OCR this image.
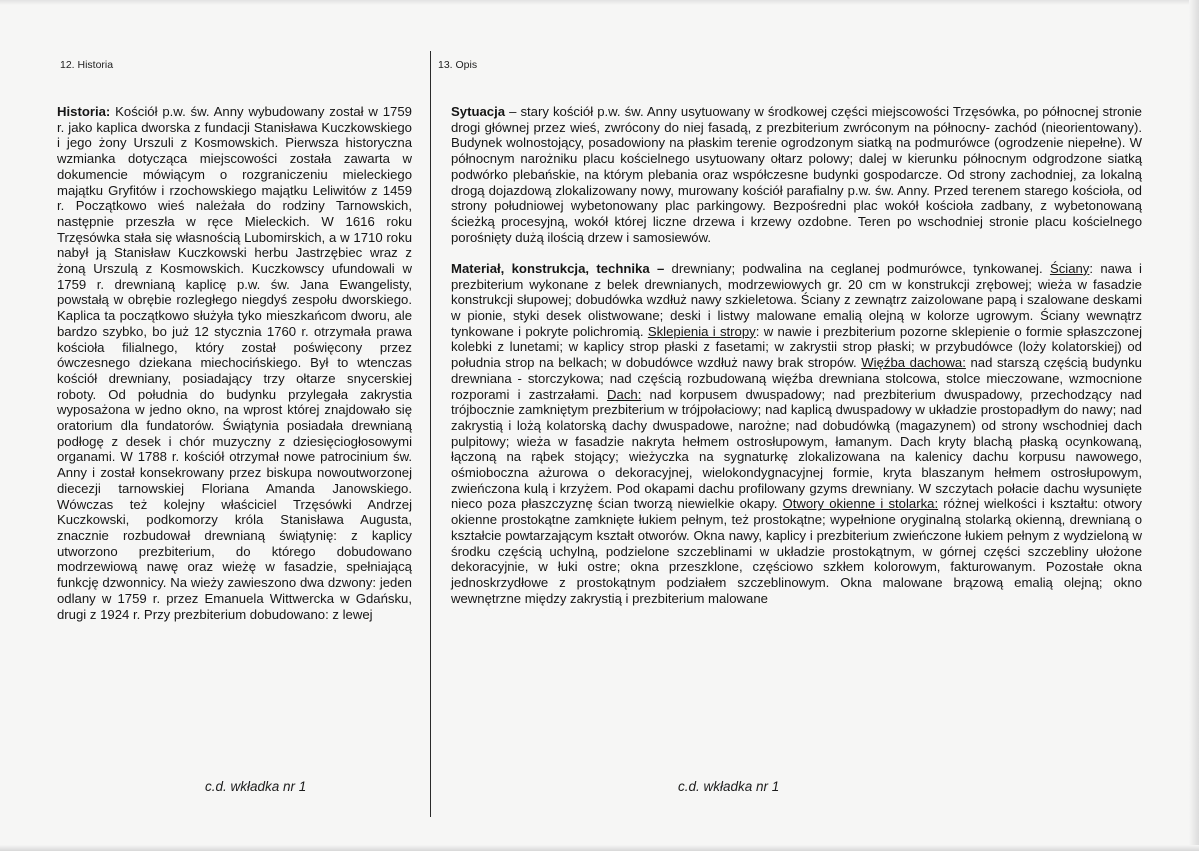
12. Historia	13. Opis

Historia: Kościół p.w. św. Anny wybudowany został w 1759 r. jako kaplica dworska z fundacji Stanisława Kuczkowskiego i jego żony Urszuli z Kosmowskich. Pierwsza historyczna wzmianka dotycząca miejscowości została zawarta w dokumencie mówiącym o rozgraniczeniu mieleckiego majątku Gryfitów i rzochowskiego majątku Leliwitów z 1459 r. Początkowo wieś należała do rodziny Tarnowskich, następnie przeszła w ręce Mieleckich. W 1616 roku Trzęsówka stała się własnością Lubomirskich, a w 1710 roku nabył ją Stanisław Kuczkowski herbu Jastrzębiec wraz z żoną Urszulą z Kosmowskich. Kuczkowscy ufundowali w 1759 r. drewnianą kaplicę p.w. św. Jana Ewangelisty, powstałą w obrębie rozległego niegdyś zespołu dworskiego. Kaplica ta początkowo służyła tyko mieszkańcom dworu, ale bardzo szybko, bo już 12 stycznia 1760 r. otrzymała prawa kościoła filialnego, który został poświęcony przez ówczesnego dziekana miechocińskiego. Był to wtenczas kościół drewniany, posiadający trzy ołtarze snycerskiej roboty. Od południa do budynku przylegała zakrystia wyposażona w jedno okno, na wprost której znajdowało się oratorium dla fundatorów. Świątynia posiadała drewnianą podłogę z desek i chór muzyczny z dziesięciogłosowymi organami. W 1788 r. kościół otrzymał nowe patrocinium św. Anny i został konsekrowany przez biskupa nowoutworzonej diecezji tarnowskiej Floriana Amanda Janowskiego. Wówczas też kolejny właściciel Trzęsówki Andrzej Kuczkowski, podkomorzy króla Stanisława Augusta, znacznie rozbudował drewnianą świątynię: z kaplicy utworzono prezbiterium, do którego dobudowano modrzewiową nawę oraz wieżę w fasadzie, spełniającą funkcję dzwonnicy. Na wieży zawieszono dwa dzwony: jeden odlany w 1759 r. przez Emanuela Wittwercka w Gdańsku, drugi z 1924 r. Przy prezbiterium dobudowano: z lewej

Sytuacja – stary kościół p.w. św. Anny usytuowany w środkowej części miejscowości Trzęsówka, po północnej stronie drogi głównej przez wieś, zwrócony do niej fasadą, z prezbiterium zwróconym na północny- zachód (nieorientowany). Budynek wolnostojący, posadowiony na płaskim terenie ogrodzonym siatką na podmurówce (ogrodzenie niepełne). W północnym narożniku placu kościelnego usytuowany ołtarz polowy; dalej w kierunku północnym odgrodzone siatką podwórko plebańskie, na którym plebania oraz współczesne budynki gospodarcze. Od strony zachodniej, za lokalną drogą dojazdową zlokalizowany nowy, murowany kościół parafialny p.w. św. Anny. Przed terenem starego kościoła, od strony południowej wybetonowany plac parkingowy. Bezpośredni plac wokół kościoła zadbany, z wybetonowaną ścieżką procesyjną, wokół której liczne drzewa i krzewy ozdobne. Teren po wschodniej stronie placu kościelnego porośnięty dużą ilością drzew i samosiewów.

Materiał, konstrukcja, technika – drewniany; podwalina na ceglanej podmurówce, tynkowanej. Ściany: nawa i prezbiterium wykonane z belek drewnianych, modrzewiowych gr. 20 cm w konstrukcji zrębowej; wieża w fasadzie konstrukcji słupowej; dobudówka wzdłuż nawy szkieletowa. Ściany z zewnątrz zaizolowane papą i szalowane deskami w pionie, styki desek olistwowane; deski i listwy malowane emalią olejną w kolorze ugrowym. Ściany wewnątrz tynkowane i pokryte polichromią. Sklepienia i stropy: w nawie i prezbiterium pozorne sklepienie o formie spłaszczonej kolebki z lunetami; w kaplicy strop płaski z fasetami; w zakrystii strop płaski; w przybudówce (loży kolatorskiej) od południa strop na belkach; w dobudówce wzdłuż nawy brak stropów. Więźba dachowa: nad starszą częścią budynku drewniana - storczykowa; nad częścią rozbudowaną więźba drewniana stolcowa, stolce mieczowane, wzmocnione rozporami i zastrzałami. Dach: nad korpusem dwuspadowy; nad prezbiterium dwuspadowy, przechodzący nad trójbocznie zamkniętym prezbiterium w trójpołaciowy; nad kaplicą dwuspadowy w układzie prostopadłym do nawy; nad zakrystią i lożą kolatorską dachy dwuspadowe, narożne; nad dobudówką (magazynem) od strony wschodniej dach pulpitowy; wieża w fasadzie nakryta hełmem ostrosłupowym, łamanym. Dach kryty blachą płaską ocynkowaną, łączoną na rąbek stojący; wieżyczka na sygnaturkę zlokalizowana na kalenicy dachu korpusu nawowego, ośmioboczna ażurowa o dekoracyjnej, wielokondygnacyjnej formie, kryta blaszanym hełmem ostrosłupowym, zwieńczona kulą i krzyżem. Pod okapami dachu profilowany gzyms drewniany. W szczytach połacie dachu wysunięte nieco poza płaszczyznę ścian tworzą niewielkie okapy. Otwory okienne i stolarka: różnej wielkości i kształtu: otwory okienne prostokątne zamknięte łukiem pełnym, też prostokątne; wypełnione oryginalną stolarką okienną, drewnianą o kształcie powtarzającym kształt otworów. Okna nawy, kaplicy i prezbiterium zwieńczone łukiem pełnym z wydzieloną w środku częścią uchylną, podzielone szczeblinami w układzie prostokątnym, w górnej części szczebliny ułożone dekoracyjnie, w łuki ostre; okna przeszklone, częściowo szkłem kolorowym, fakturowanym. Pozostałe okna jednoskrzydłowe z prostokątnym podziałem szczeblinowym. Okna malowane brązową emalią olejną; okno wewnętrzne między zakrystią i prezbiterium malowane

c.d. wkładka nr 1	c.d. wkładka nr 1
